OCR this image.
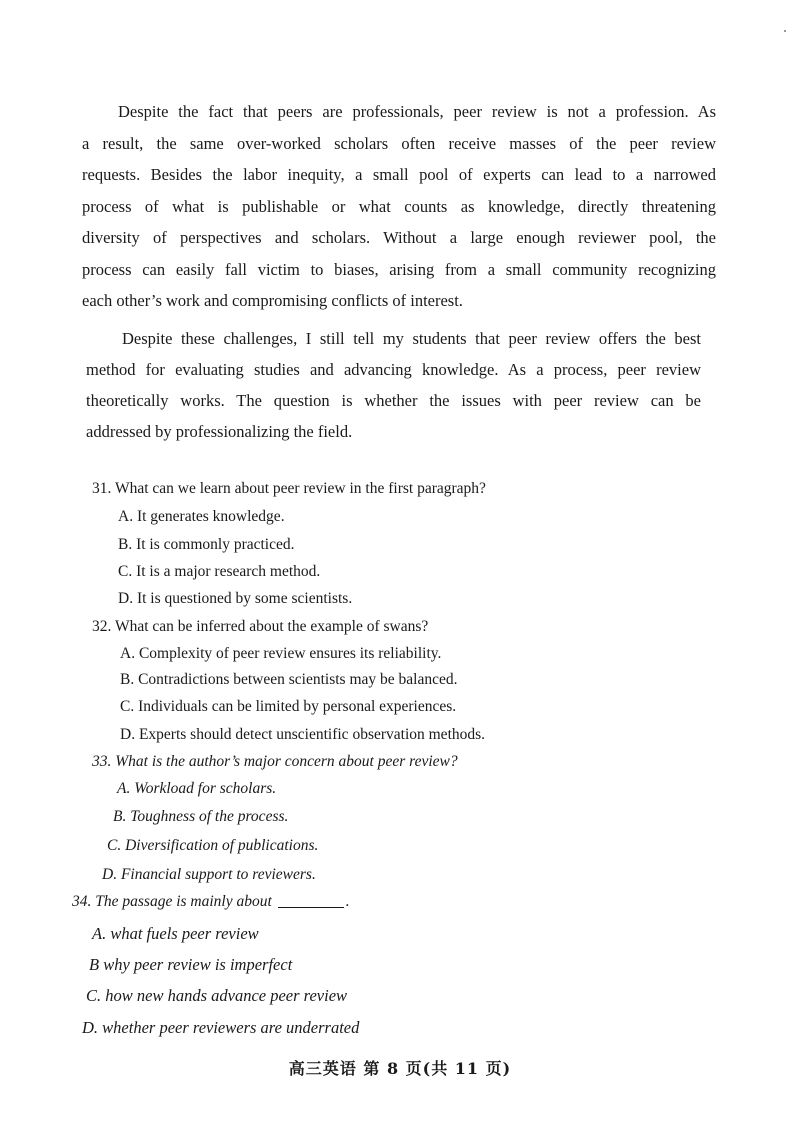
Despite the fact that peers are professionals, peer review is not a profession. As
a result, the same over-worked scholars often receive masses of the peer review
requests. Besides the labor inequity, a small pool of experts can lead to a narrowed
process of what is publishable or what counts as knowledge, directly threatening
diversity of perspectives and scholars. Without a large enough reviewer pool, the
process can easily fall victim to biases, arising from a small community recognizing
each other’s work and compromising conflicts of interest.
Despite these challenges, I still tell my students that peer review offers the best
method for evaluating studies and advancing knowledge. As a process, peer review
theoretically works. The question is whether the issues with peer review can be
addressed by professionalizing the field.
31. What can we learn about peer review in the first paragraph?
A. It generates knowledge.
B. It is commonly practiced.
C. It is a major research method.
D. It is questioned by some scientists.
32. What can be inferred about the example of swans?
A. Complexity of peer review ensures its reliability.
B. Contradictions between scientists may be balanced.
C. Individuals can be limited by personal experiences.
D. Experts should detect unscientific observation methods.
33. What is the author’s major concern about peer review?
A. Workload for scholars.
B. Toughness of the process.
C. Diversification of publications.
D. Financial support to reviewers.
34. The passage is mainly about	.
A. what fuels peer review
B why peer review is imperfect
C. how new hands advance peer review
D. whether peer reviewers are underrated
高三英语 第 8 页(共 11 页)
